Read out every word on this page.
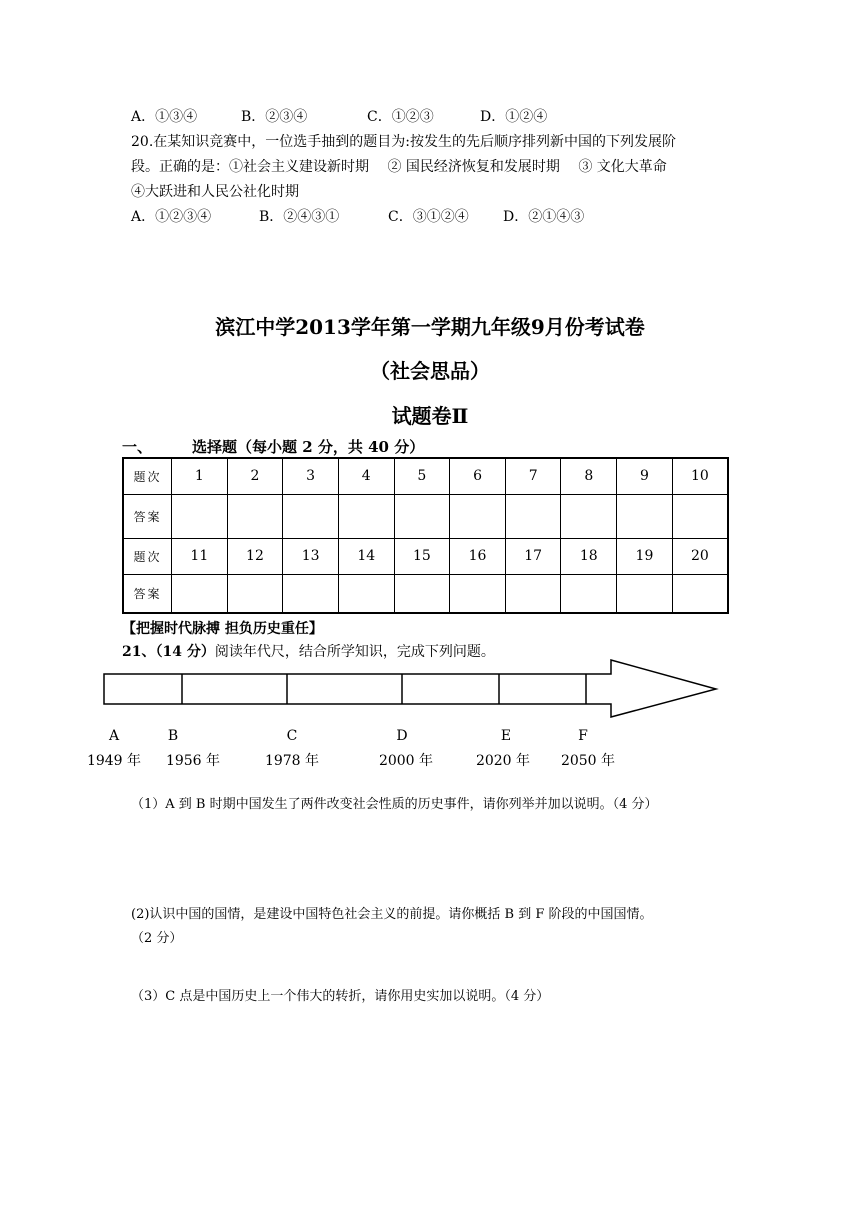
A．①③④	B．②③④	C．①②③	D．①②④
20.在某知识竞赛中，一位选手抽到的题目为:按发生的先后顺序排列新中国的下列发展阶
段。正确的是：①社会主义建设新时期　 ② 国民经济恢复和发展时期　 ③ 文化大革命
④大跃进和人民公社化时期
A．①②③④	B．②④③①	C．③①②④ D．②①④③
滨江中学2013学年第一学期九年级9月份考试卷
（社会思品）
试题卷Ⅱ
一、	选择题（每小题 2 分，共 40 分）
题次	1	2	3	4	5	6	7	8	9	10
答案										
题次	11	12	13	14	15	16	17	18	19	20
答案										
【把握时代脉搏 担负历史重任】
21、（14 分）阅读年代尺，结合所学知识，完成下列问题。
A
1949 年
B
1956 年
C
1978 年
D
2000 年
E
2020 年
F
2050 年
（1）A 到 B 时期中国发生了两件改变社会性质的历史事件，请你列举并加以说明。（4 分）
(2)认识中国的国情，是建设中国特色社会主义的前提。请你概括 B 到 F 阶段的中国国情。
（2 分）
（3）C 点是中国历史上一个伟大的转折，请你用史实加以说明。（4 分）
